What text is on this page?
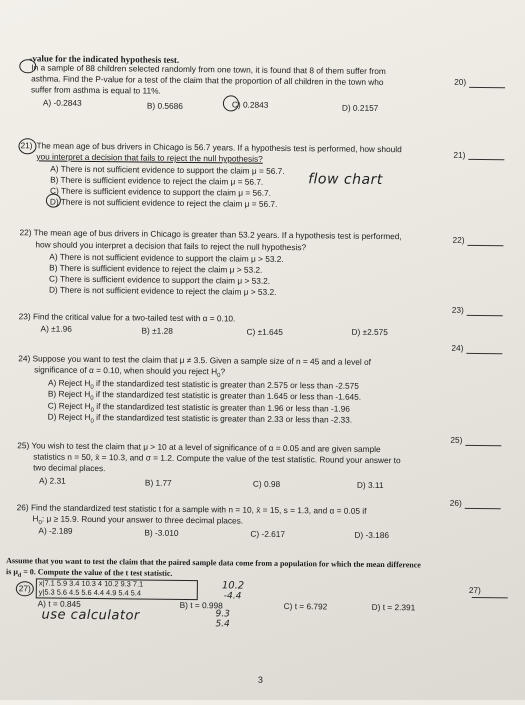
-value for the indicated hypothesis test.
In a sample of 88 children selected randomly from one town, it is found that 8 of them suffer from
asthma. Find the P-value for a test of the claim that the proportion of all children in the town who
suffer from asthma is equal to 11%.
20)
A) -0.2843	B) 0.5686	C) 0.2843	D) 0.2157
21) The mean age of bus drivers in Chicago is 56.7 years. If a hypothesis test is performed, how should
you interpret a decision that fails to reject the null hypothesis?	21)
A) There is not sufficient evidence to support the claim μ = 56.7.
B) There is sufficient evidence to reject the claim μ = 56.7.
C) There is sufficient evidence to support the claim μ = 56.7.
D) There is not sufficient evidence to reject the claim μ = 56.7.
flow chart
22) The mean age of bus drivers in Chicago is greater than 53.2 years. If a hypothesis test is performed,
how should you interpret a decision that fails to reject the null hypothesis?	22)
A) There is not sufficient evidence to support the claim μ > 53.2.
B) There is sufficient evidence to reject the claim μ > 53.2.
C) There is sufficient evidence to support the claim μ > 53.2.
D) There is not sufficient evidence to reject the claim μ > 53.2.
23) Find the critical value for a two-tailed test with α = 0.10.
23)
A) ±1.96	B) ±1.28	C) ±1.645	D) ±2.575
24) Suppose you want to test the claim that μ ≠ 3.5. Given a sample size of n = 45 and a level of
significance of α = 0.10, when should you reject $H_0$?
24)
A) Reject $H_0$ if the standardized test statistic is greater than 2.575 or less than -2.575
B) Reject $H_0$ if the standardized test statistic is greater than 1.645 or less than -1.645.
C) Reject $H_0$ if the standardized test statistic is greater than 1.96 or less than -1.96
D) Reject $H_0$ if the standardized test statistic is greater than 2.33 or less than -2.33.
25) You wish to test the claim that μ > 10 at a level of significance of α = 0.05 and are given sample
statistics n = 50, x̄ = 10.3, and σ = 1.2. Compute the value of the test statistic. Round your answer to
two decimal places.
25)
A) 2.31	B) 1.77	C) 0.98	D) 3.11
26) Find the standardized test statistic t for a sample with n = 10, x̄ = 15, s = 1.3, and α = 0.05 if
$H_0$: μ ≥ 15.9. Round your answer to three decimal places.
26)
A) -2.189	B) -3.010	C) -2.617	D) -3.186
Assume that you want to test the claim that the paired sample data come from a population for which the mean difference
is $\mu_d = 0$. Compute the value of the t test statistic.
27) x|7.1 5.9 3.4 10.3 4 10.2 9.3 7.1
y|5.3 5.6 4.5 5.6 4.4 4.9 5.4 5.4
10.2
-4.4
27)
A) t = 0.845	B) t = 0.998	C) t = 6.792	D) t = 2.391
use calculator	9.3
5.4
3
